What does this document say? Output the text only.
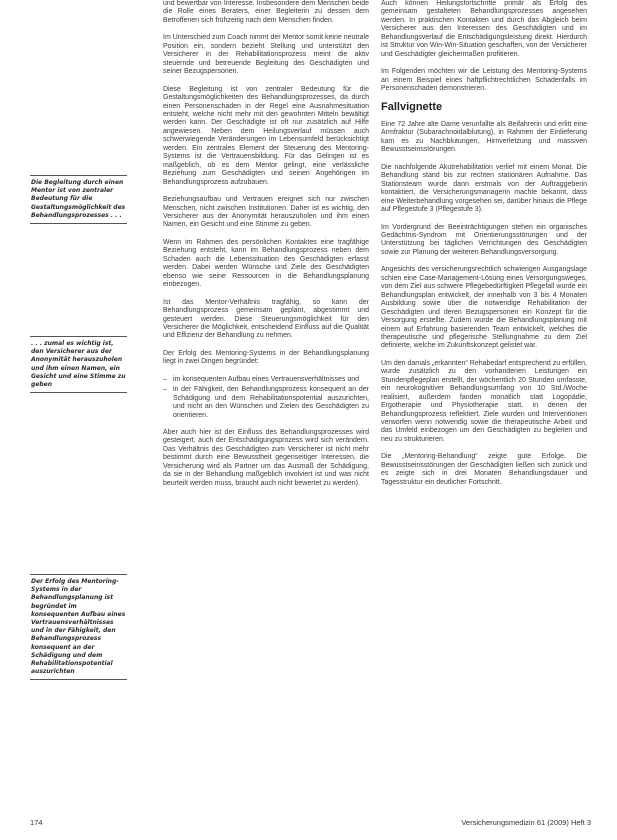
Die Begleitung durch einen Mentor ist von zentraler Bedeutung für die Gestaltungsmöglichkeit des Behandlungsprozesses . . .

. . . zumal es wichtig ist, den Versicherer aus der Anonymität herauszuholen und ihm einen Namen, ein Gesicht und eine Stimme zu geben

Der Erfolg des Mentoring-Systems in der Behandlungsplanung ist begründet im konsequenten Aufbau eines Vertrauensverhältnisses und in der Fähigkeit, den Behandlungsprozess konsequent an der Schädigung und dem Rehabilitationspotential auszurichten

und bewertbar von Interesse. Insbesondere dem Menschen beide die Rolle eines Beraters, einer Begleiterin zu dessen dem Betroffenen sich frühzeitig nach dem Menschen finden.

Im Unterschied zum Coach nimmt der Mentor somit keine neutrale Position ein, sondern bezieht Stellung und unterstützt den Versicherer in der Rehabilitationsprozess meint die aktiv steuernde und betreuende Begleitung des Geschädigten und seiner Bezugspersonen.

Diese Begleitung ist von zentraler Bedeutung für die Gestaltungsmöglichkeiten des Behandlungsprozesses, da durch einen Personenschaden in der Regel eine Ausnahmesituation entsteht, welche nicht mehr mit den gewohnten Mitteln bewältigt werden kann. Der Geschädigte ist oft nur zusätzlich auf Hilfe angewiesen. Neben dem Heilungsverlauf müssen auch schwerwiegende Veränderungen im Lebensumfeld berücksichtigt werden. Ein zentrales Element der Steuerung des Mentoring-Systems ist die Vertrauensbildung. Für das Gelingen ist es maßgeblich, ob es dem Mentor gelingt, eine verlässliche Beziehung zum Geschädigten und seinen Angehörigen im Behandlungsprozess aufzubauen.

Beziehungsaufbau und Vertrauen ereignet sich nur zwischen Menschen, nicht zwischen Institutionen. Daher ist es wichtig, den Versicherer aus der Anonymität herauszuholen und ihm einen Namen, ein Gesicht und eine Stimme zu geben.

Wenn im Rahmen des persönlichen Kontaktes eine tragfähige Beziehung entsteht, kann im Behandlungsprozess neben dem Schaden auch die Lebenssituation des Geschädigten erfasst werden. Dabei werden Wünsche und Ziele des Geschädigten ebenso wie seine Ressourcen in die Behandlungsplanung einbezogen.

Ist das Mentor-Verhältnis tragfähig, so kann der Behandlungsprozess gemeinsam geplant, abgestimmt und gesteuert werden. Diese Steuerungsmöglichkeit für den Versicherer die Möglichkeit, entscheidend Einfluss auf die Qualität und Effizienz der Behandlung zu nehmen.

Der Erfolg des Mentoring-Systems in der Behandlungsplanung liegt in zwei Dingen begründet:

– im konsequenten Aufbau eines Vertrauensverhältnisses und
– in der Fähigkeit, den Behandlungsprozess konsequent an der Schädigung und dem Rehabilitationspotential auszurichten, und nicht an den Wünschen und Zielen des Geschädigten zu orientieren.

Aber auch hier ist der Einfluss des Behandlungsprozesses wird gesteigert, auch der Entschädigungsprozess wird sich verändern. Das Verhältnis des Geschädigten zum Versicherer ist nicht mehr bestimmt durch eine Bewusstheit gegenseitiger Interessen, die Versicherung wird als Partner um das Ausmaß der Schädigung, da sie in der Behandlung maßgeblich involviert ist und was nicht beurteilt werden muss, braucht auch nicht bewertet zu werden).

Auch können Heilungsfortschritte primär als Erfolg des gemeinsam gestalteten Behandlungsprozesses angesehen werden. In praktischen Kontakten und durch das Abgleich beim Versicherer aus den Interessen des Geschädigten und im Behandlungsverlauf die Entschädigungsleistung direkt. Hierdurch ist Struktur von Win-Win-Situation geschaffen, von der Versicherer und Geschädigter gleichermaßen profitieren.

Im Folgenden möchten wir die Leistung des Mentoring-Systems an einem Beispiel eines haftpflichtrechtlichen Schadenfalls im Personenschaden demonstrieren.

Fallvignette

Eine 72 Jahre alte Dame verunfallte als Beifahrerin und erlitt eine Armfraktur (Subarachnoidalblutung), in Rahmen der Einlieferung kam es zu Nachblutungen, Hirnverletzung und massiven Bewusstseinsstörungen.

Die nachfolgende Akutrehabilitation verlief mit einem Monat. Die Behandlung stand bis zur rechten stationären Aufnahme. Das Stationsteam wurde dann erstmals von der Auftraggeberin kontaktiert, die Versicherungsmanagerin machte bekannt, dass eine Weiterbehandlung vorgesehen sei, darüber hinaus die Pflege auf Pflegestufe 3 (Pflegestufe 3).

Im Vordergrund der Beeinträchtigungen stehen ein organisches Gedächtnis-Syndrom mit Orientierungsstörungen und der Unterstützung bei täglichen Verrichtungen des Geschädigten sowie zur Planung der weiteren Behandlungsversorgung.

Angesichts des versicherungsrechtlich schwierigen Ausgangslage schien eine Case-Management-Lösung eines Versorgungsweges, von dem Ziel aus schwere Pflegebedürftigkeit Pflegefall wurde ein Behandlungsplan entwickelt, der innerhalb von 3 bis 4 Monaten Ausbildung sowie über die notwendige Rehabilitation der Geschädigten und deren Bezugspersonen ein Konzept für die Versorgung erstellte. Zudem wurde die Behandlungsplanung mit einem auf Erfahrung basierenden Team entwickelt, welches die therapeutische und pflegerische Stellungnahme zu dem Ziel definierte, welche im Zukunftskonzept gelistet war.

Um den damals „erkannten“ Rehabedarf entsprechend zu erfüllen, wurde zusätzlich zu den vorhandenen Leistungen ein Stundenpflegeplan erstellt, der wöchentlich 20 Stunden umfasste, ein neurokognitiver Behandlungsumfang von 10 Std./Woche realisiert, außerdem fanden monatlich statt Logopädie, Ergotherapie und Physiotherapie statt, in denen der Behandlungsprozess reflektiert. Ziele wurden und Interventionen verworfen wenn notwendig sowie die therapeutische Arbeit und das Umfeld einbezogen um den Geschädigten zu begleiten und neu zu strukturieren.

Die „Mentoring-Behandlung“ zeigte gute Erfolge. Die Bewusstseinsstörungen der Geschädigten ließen sich zurück und es zeigte sich in drei Monaten Behandlungsdauer und Tagesstruktur ein deutlicher Fortschritt.

174	Versicherungsmedizin 61 (2009) Heft 3
